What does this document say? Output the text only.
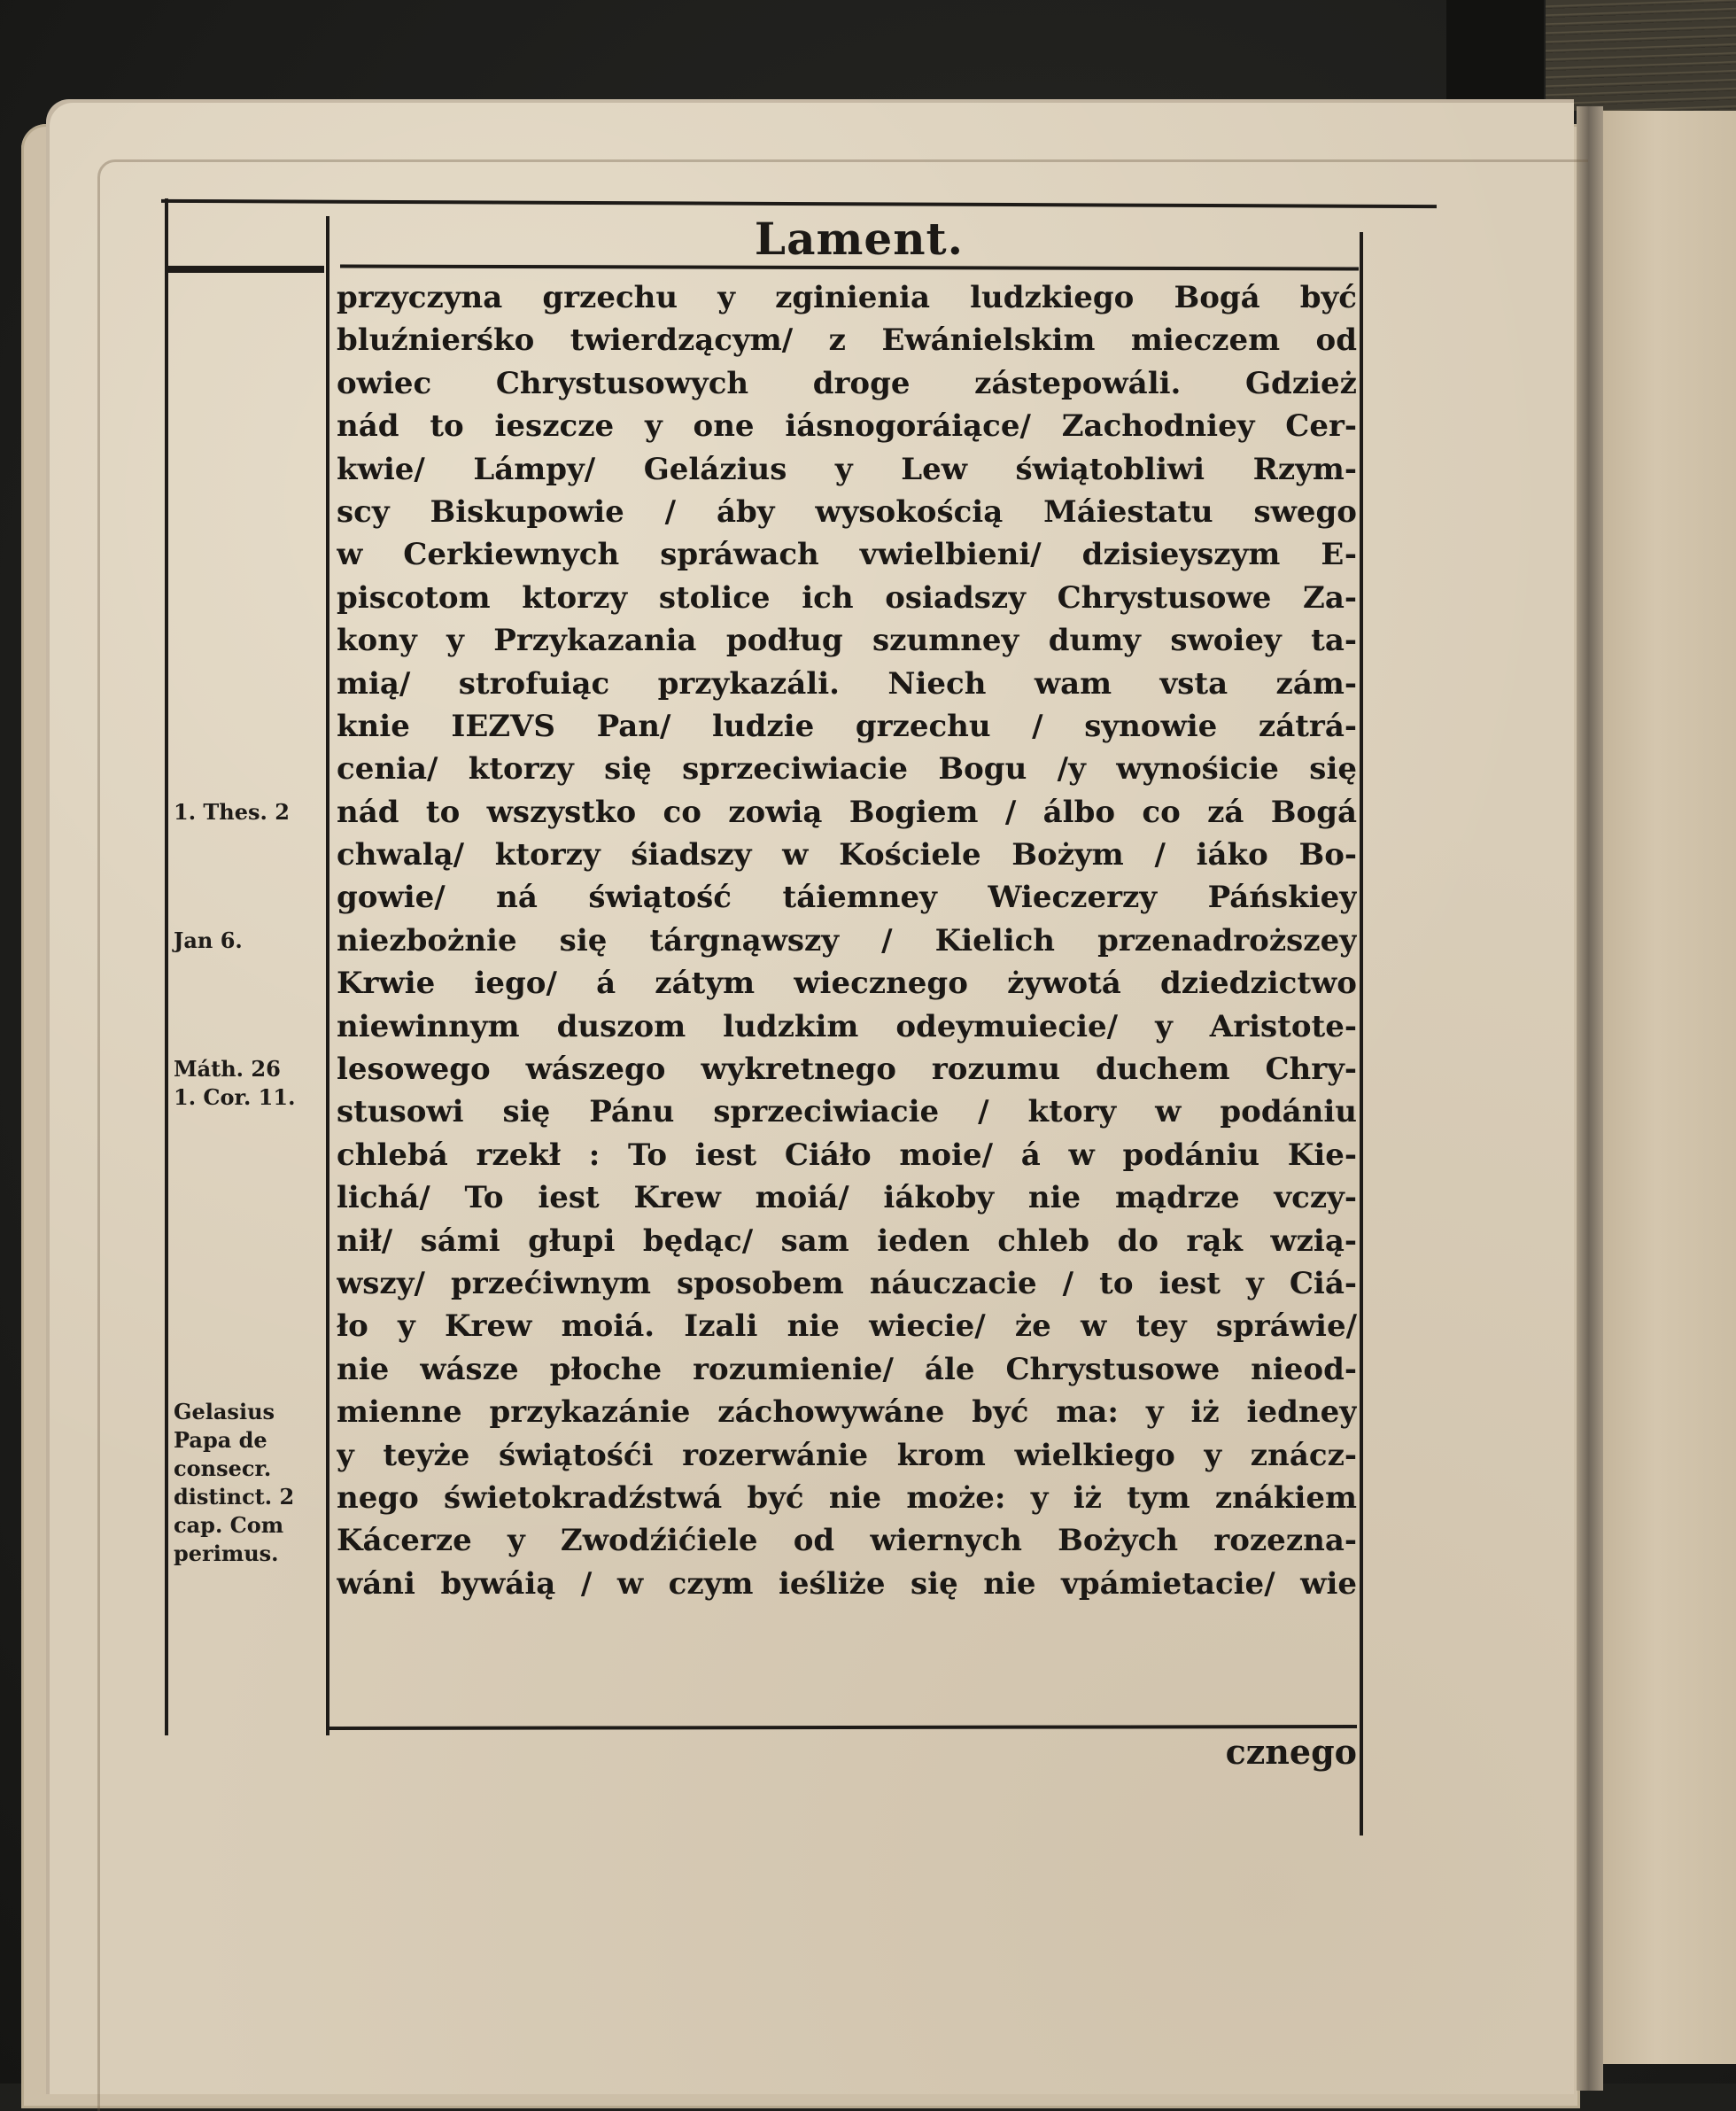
Lament.
przyczyna grzechu y zginienia ludzkiego Bogá być
bluźnierśko twierdzącym/ z Ewánielskim mieczem od
owiec Chrystusowych droge zástepowáli. Gdzież
nád to ieszcze y one iásnogoráiące/ Zachodniey Cer-
kwie/ Lámpy/ Gelázius y Lew świątobliwi Rzym-
scy Biskupowie / áby wysokością Máiestatu swego
w Cerkiewnych spráwach vwielbieni/ dzisieyszym E-
piscotom ktorzy stolice ich osiadszy Chrystusowe Za-
kony y Przykazania podług szumney dumy swoiey ta-
mią/ strofuiąc przykazáli. Niech wam vsta zám-
knie IEZVS Pan/ ludzie grzechu / synowie zátrá-
cenia/ ktorzy się sprzeciwiacie Bogu /y wynośicie się
nád to wszystko co zowią Bogiem / álbo co zá Bogá
chwalą/ ktorzy śiadszy w Kościele Bożym / iáko Bo-
gowie/ ná świątość táiemney Wieczerzy Páńskiey
niezbożnie się tárgnąwszy / Kielich przenadroższey
Krwie iego/ á zátym wiecznego żywotá dziedzictwo
niewinnym duszom ludzkim odeymuiecie/ y Aristote-
lesowego wászego wykretnego rozumu duchem Chry-
stusowi się Pánu sprzeciwiacie / ktory w podániu
chlebá rzekł : To iest Ciáło moie/ á w podániu Kie-
lichá/ To iest Krew moiá/ iákoby nie mądrze vczy-
nił/ sámi głupi będąc/ sam ieden chleb do rąk wzią-
wszy/ przećiwnym sposobem náuczacie / to iest y Ciá-
ło y Krew moiá. Izali nie wiecie/ że w tey spráwie/
nie wásze płoche rozumienie/ ále Chrystusowe nieod-
mienne przykazánie záchowywáne być ma: y iż iedney
y teyże świątośći rozerwánie krom wielkiego y znácz-
nego świetokradźstwá być nie może: y iż tym znákiem
Kácerze y Zwodźićiele od wiernych Bożych rozezna-
wáni bywáią / w czym ieśliże się nie vpámietacie/ wie
1. Thes. 2
Jan 6.
Máth. 26
1. Cor. 11.
Gelasius
Papa de
consecr.
distinct. 2
cap. Com
perimus.
cznego
